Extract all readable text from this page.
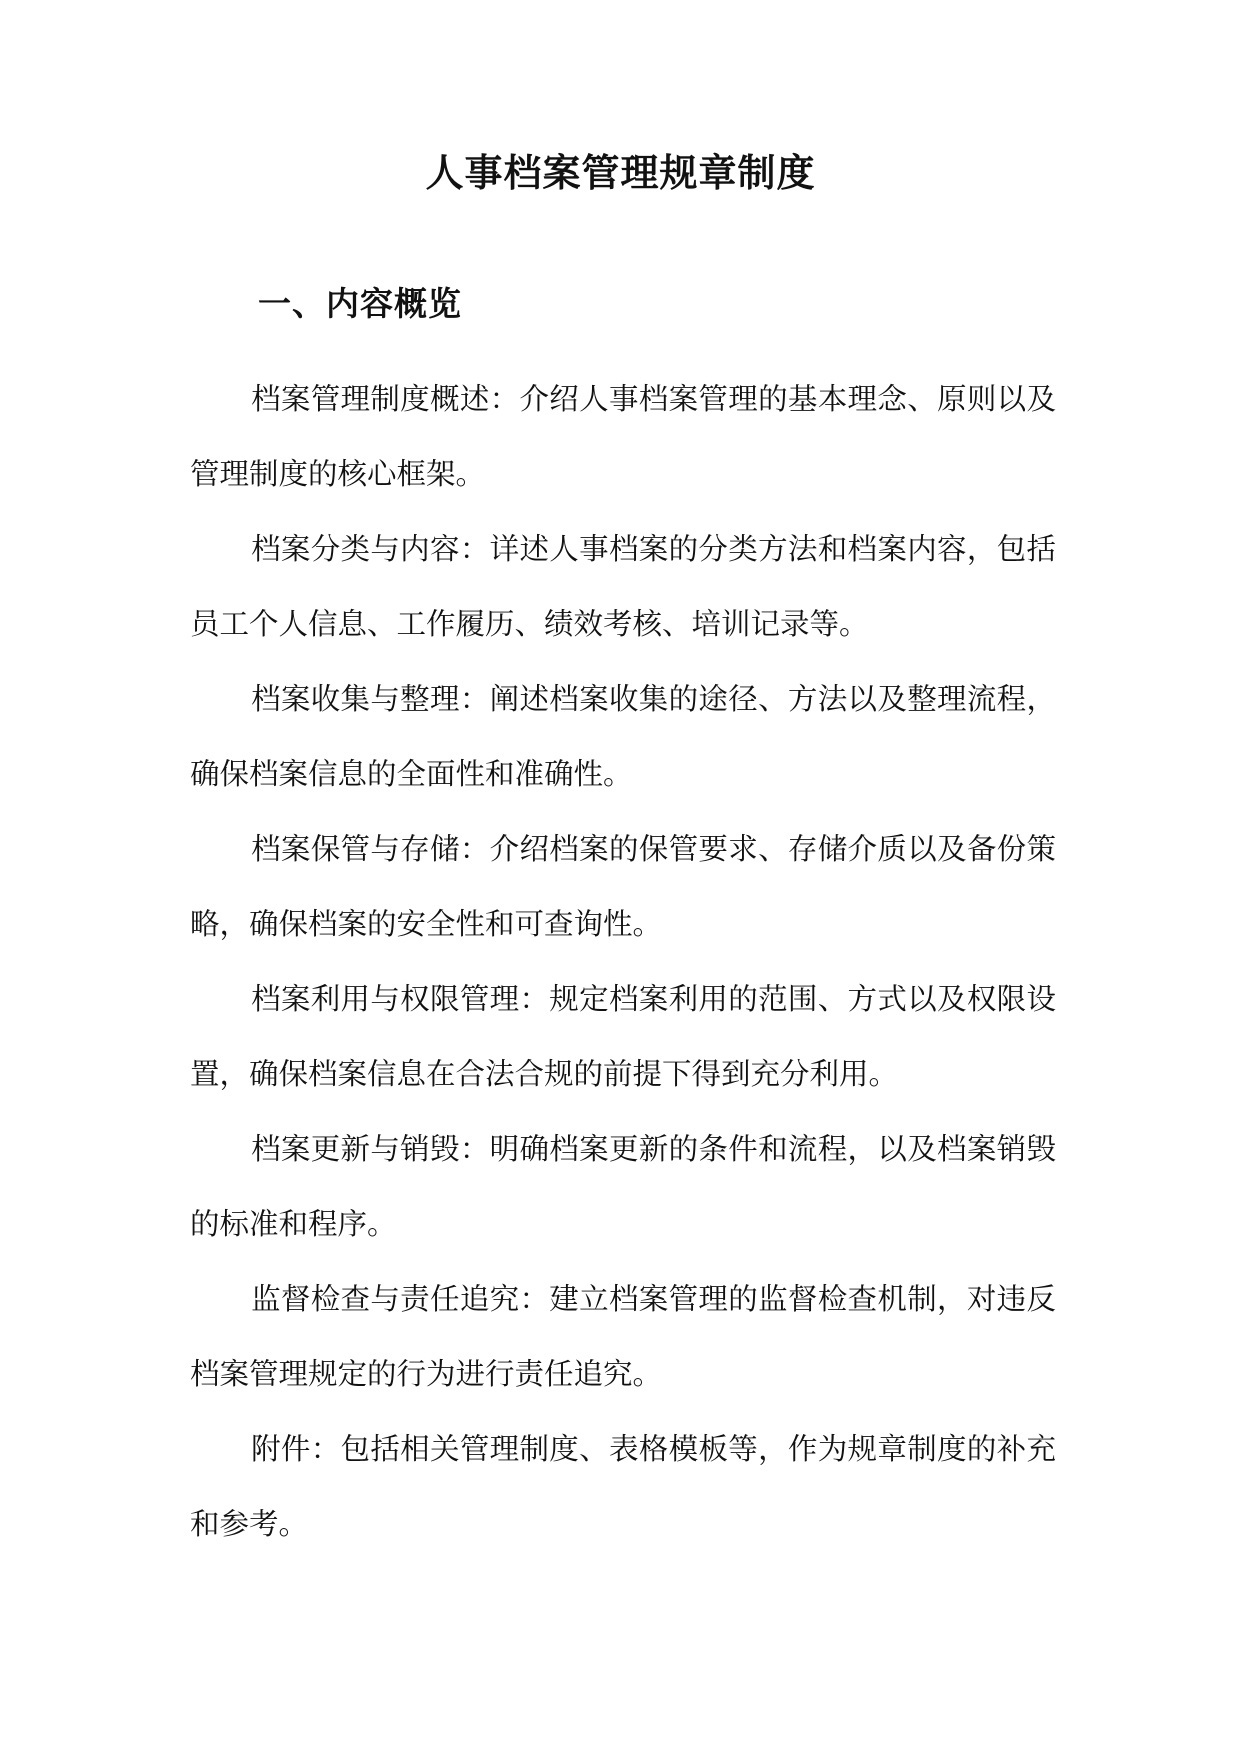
人事档案管理规章制度
一、内容概览

档案管理制度概述：介绍人事档案管理的基本理念、原则以及管理制度的核心框架。

档案分类与内容：详述人事档案的分类方法和档案内容，包括员工个人信息、工作履历、绩效考核、培训记录等。

档案收集与整理：阐述档案收集的途径、方法以及整理流程，确保档案信息的全面性和准确性。

档案保管与存储：介绍档案的保管要求、存储介质以及备份策略，确保档案的安全性和可查询性。

档案利用与权限管理：规定档案利用的范围、方式以及权限设置，确保档案信息在合法合规的前提下得到充分利用。

档案更新与销毁：明确档案更新的条件和流程，以及档案销毁的标准和程序。

监督检查与责任追究：建立档案管理的监督检查机制，对违反档案管理规定的行为进行责任追究。

附件：包括相关管理制度、表格模板等，作为规章制度的补充和参考。
